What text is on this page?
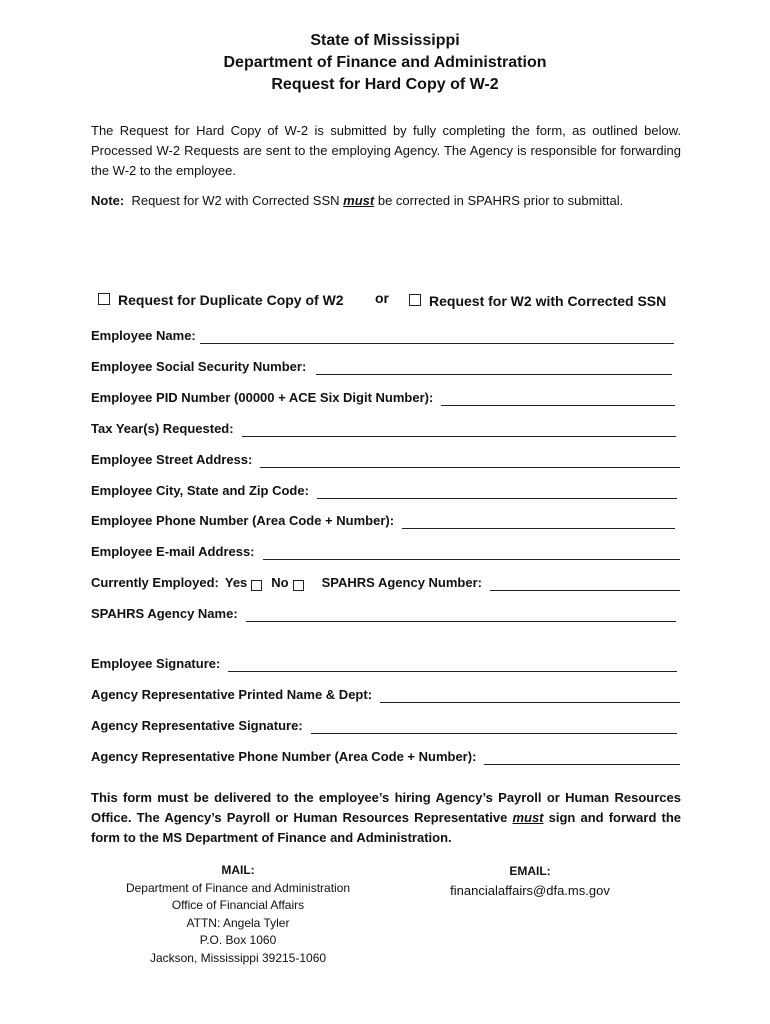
State of Mississippi
Department of Finance and Administration
Request for Hard Copy of W-2
The Request for Hard Copy of W-2 is submitted by fully completing the form, as outlined below. Processed W-2 Requests are sent to the employing Agency. The Agency is responsible for forwarding the W-2 to the employee.
Note: Request for W2 with Corrected SSN must be corrected in SPAHRS prior to submittal.
Request for Duplicate Copy of W2 or	Request for W2 with Corrected SSN
Employee Name:
Employee Social Security Number:
Employee PID Number (00000 + ACE Six Digit Number):
Tax Year(s) Requested:
Employee Street Address:
Employee City, State and Zip Code:
Employee Phone Number (Area Code + Number):
Employee E-mail Address:
Currently Employed: Yes No	SPAHRS Agency Number:
SPAHRS Agency Name:
Employee Signature:
Agency Representative Printed Name & Dept:
Agency Representative Signature:
Agency Representative Phone Number (Area Code + Number):
This form must be delivered to the employee’s hiring Agency’s Payroll or Human Resources Office. The Agency’s Payroll or Human Resources Representative must sign and forward the form to the MS Department of Finance and Administration.
MAIL:
Department of Finance and Administration
Office of Financial Affairs
ATTN: Angela Tyler
P.O. Box 1060
Jackson, Mississippi 39215-1060
EMAIL:
financialaffairs@dfa.ms.gov
